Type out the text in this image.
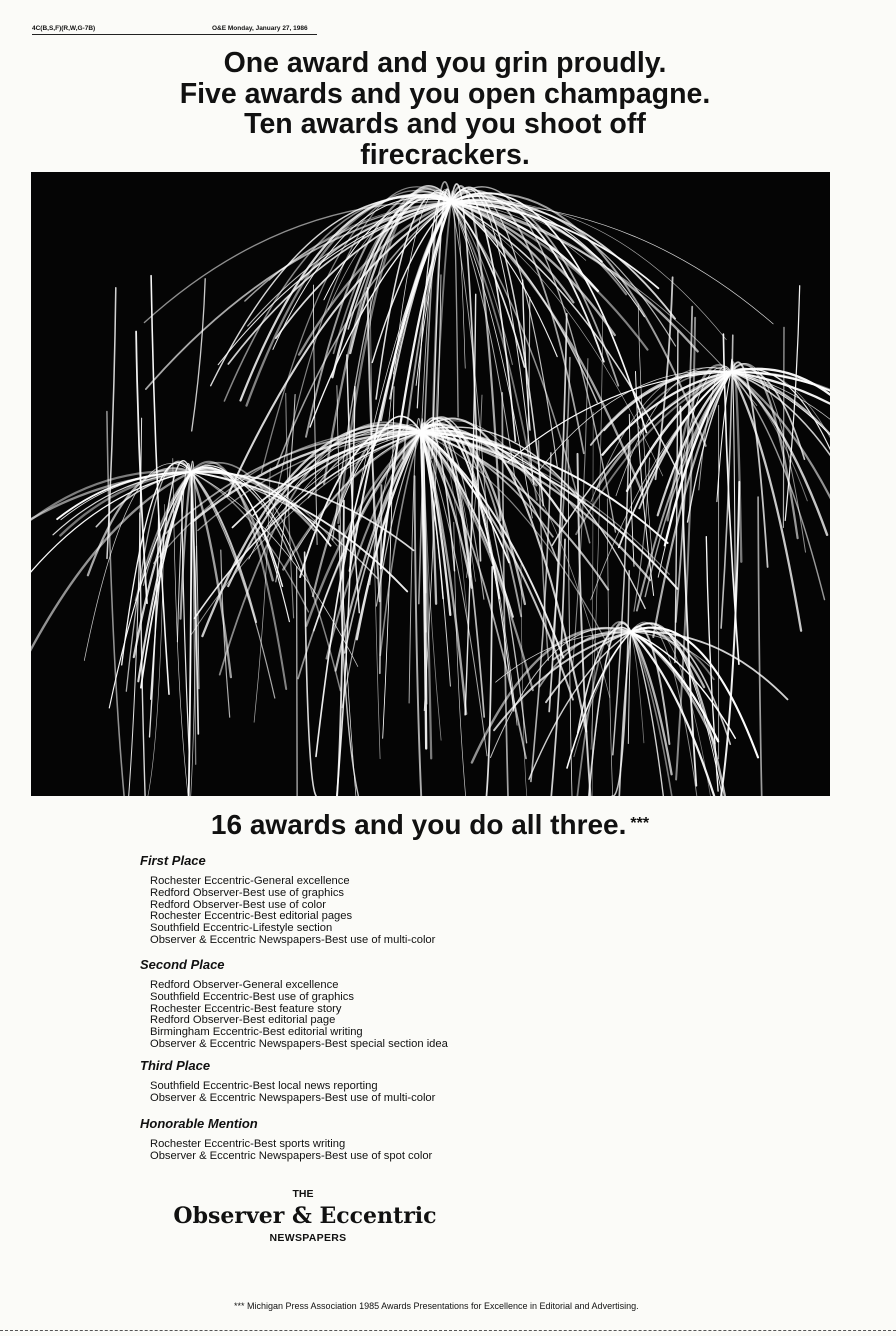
4C(B,S,F)(R,W,G-7B)	O&E Monday, January 27, 1986
One award and you grin proudly.
Five awards and you open champagne.
Ten awards and you shoot off
firecrackers.
16 awards and you do all three. ***
First Place
Rochester Eccentric-General excellence
Redford Observer-Best use of graphics
Redford Observer-Best use of color
Rochester Eccentric-Best editorial pages
Southfield Eccentric-Lifestyle section
Observer & Eccentric Newspapers-Best use of multi-color
Second Place
Redford Observer-General excellence
Southfield Eccentric-Best use of graphics
Rochester Eccentric-Best feature story
Redford Observer-Best editorial page
Birmingham Eccentric-Best editorial writing
Observer & Eccentric Newspapers-Best special section idea
Third Place
Southfield Eccentric-Best local news reporting
Observer & Eccentric Newspapers-Best use of multi-color
Honorable Mention
Rochester Eccentric-Best sports writing
Observer & Eccentric Newspapers-Best use of spot color
THE
Observer & Eccentric
NEWSPAPERS
*** Michigan Press Association 1985 Awards Presentations for Excellence in Editorial and Advertising.
